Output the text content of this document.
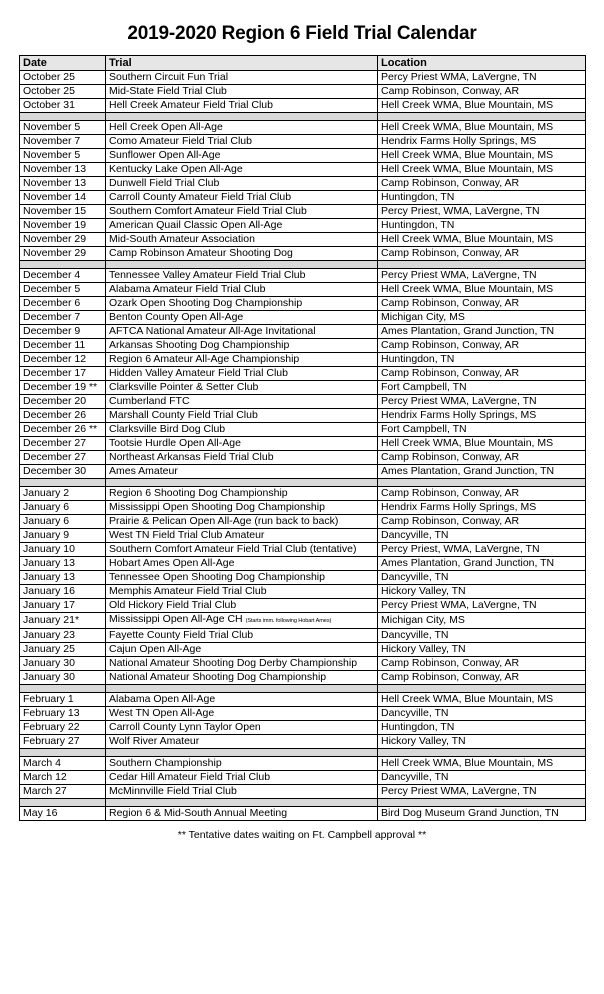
2019-2020 Region 6 Field Trial Calendar
Date	Trial	Location
October 25	Southern Circuit Fun Trial	Percy Priest WMA, LaVergne, TN
October 25	Mid-State Field Trial Club	Camp Robinson, Conway, AR
October 31	Hell Creek Amateur Field Trial Club	Hell Creek WMA, Blue Mountain, MS

November 5	Hell Creek Open All-Age	Hell Creek WMA, Blue Mountain, MS
November 7	Como Amateur Field Trial Club	Hendrix Farms Holly Springs, MS
November 5	Sunflower Open All-Age	Hell Creek WMA, Blue Mountain, MS
November 13	Kentucky Lake Open All-Age	Hell Creek WMA, Blue Mountain, MS
November 13	Dunwell Field Trial Club	Camp Robinson, Conway, AR
November 14	Carroll County Amateur Field Trial Club	Huntingdon, TN
November 15	Southern Comfort Amateur Field Trial Club	Percy Priest, WMA, LaVergne, TN
November 19	American Quail Classic Open All-Age	Huntingdon, TN
November 29	Mid-South Amateur Association	Hell Creek WMA, Blue Mountain, MS
November 29	Camp Robinson Amateur Shooting Dog	Camp Robinson, Conway, AR

December 4	Tennessee Valley Amateur Field Trial Club	Percy Priest WMA, LaVergne, TN
December 5	Alabama Amateur Field Trial Club	Hell Creek WMA, Blue Mountain, MS
December 6	Ozark Open Shooting Dog Championship	Camp Robinson, Conway, AR
December 7	Benton County Open All-Age	Michigan City, MS
December 9	AFTCA National Amateur All-Age Invitational	Ames Plantation, Grand Junction, TN
December 11	Arkansas Shooting Dog Championship	Camp Robinson, Conway, AR
December 12	Region 6 Amateur All-Age Championship	Huntingdon, TN
December 17	Hidden Valley Amateur Field Trial Club	Camp Robinson, Conway, AR
December 19 **	Clarksville Pointer & Setter Club	Fort Campbell, TN
December 20	Cumberland FTC	Percy Priest WMA, LaVergne, TN
December 26	Marshall County Field Trial Club	Hendrix Farms Holly Springs, MS
December 26 **	Clarksville Bird Dog Club	Fort Campbell, TN
December 27	Tootsie Hurdle Open All-Age	Hell Creek WMA, Blue Mountain, MS
December 27	Northeast Arkansas Field Trial Club	Camp Robinson, Conway, AR
December 30	Ames Amateur	Ames Plantation, Grand Junction, TN

January 2	Region 6 Shooting Dog Championship	Camp Robinson, Conway, AR
January 6	Mississippi Open Shooting Dog Championship	Hendrix Farms Holly Springs, MS
January 6	Prairie & Pelican Open All-Age (run back to back)	Camp Robinson, Conway, AR
January 9	West TN Field Trial Club Amateur	Dancyville, TN
January 10	Southern Comfort Amateur Field Trial Club (tentative)	Percy Priest, WMA, LaVergne, TN
January 13	Hobart Ames Open All-Age	Ames Plantation, Grand Junction, TN
January 13	Tennessee Open Shooting Dog Championship	Dancyville, TN
January 16	Memphis Amateur Field Trial Club	Hickory Valley, TN
January 17	Old Hickory Field Trial Club	Percy Priest WMA, LaVergne, TN
January 21*	Mississippi Open All-Age CH (Starts imm. following Hobart Ames)	Michigan City, MS
January 23	Fayette County Field Trial Club	Dancyville, TN
January 25	Cajun Open All-Age	Hickory Valley, TN
January 30	National Amateur Shooting Dog Derby Championship	Camp Robinson, Conway, AR
January 30	National Amateur Shooting Dog Championship	Camp Robinson, Conway, AR

February 1	Alabama Open All-Age	Hell Creek WMA, Blue Mountain, MS
February 13	West TN Open All-Age	Dancyville, TN
February 22	Carroll County Lynn Taylor Open	Huntingdon, TN
February 27	Wolf River Amateur	Hickory Valley, TN

March 4	Southern Championship	Hell Creek WMA, Blue Mountain, MS
March 12	Cedar Hill Amateur Field Trial Club	Dancyville, TN
March 27	McMinnville Field Trial Club	Percy Priest WMA, LaVergne, TN

May 16	Region 6 & Mid-South Annual Meeting	Bird Dog Museum Grand Junction, TN
** Tentative dates waiting on Ft. Campbell approval **
